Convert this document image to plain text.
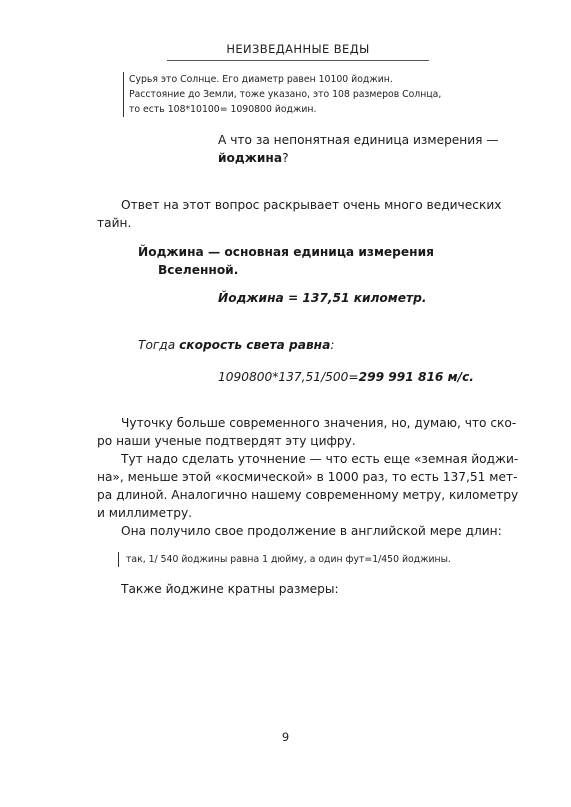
НЕИЗВЕДАННЫЕ ВЕДЫ
Сурья это Солнце. Его диаметр равен 10100 йоджин.
Расстояние до Земли, тоже указано, это 108 размеров Солнца,
то есть 108*10100= 1090800 йоджин.
А что за непонятная единица измерения —
йоджина?
Ответ на этот вопрос раскрывает очень много ведических
тайн.
Йоджина — основная единица измерения
Вселенной.
Йоджина = 137,51 километр.
Тогда скорость света равна:
1090800*137,51/500=299 991 816 м/с.
Чуточку больше современного значения, но, думаю, что ско-
ро наши ученые подтвердят эту цифру.
Тут надо сделать уточнение — что есть еще «земная йоджи-
на», меньше этой «космической» в 1000 раз, то есть 137,51 мет-
ра длиной. Аналогично нашему современному метру, километру
и миллиметру.
Она получило свое продолжение в английской мере длин:
так, 1/ 540 йоджины равна 1 дюйму, а один фут=1/450 йоджины.
Также йоджине кратны размеры:
9
